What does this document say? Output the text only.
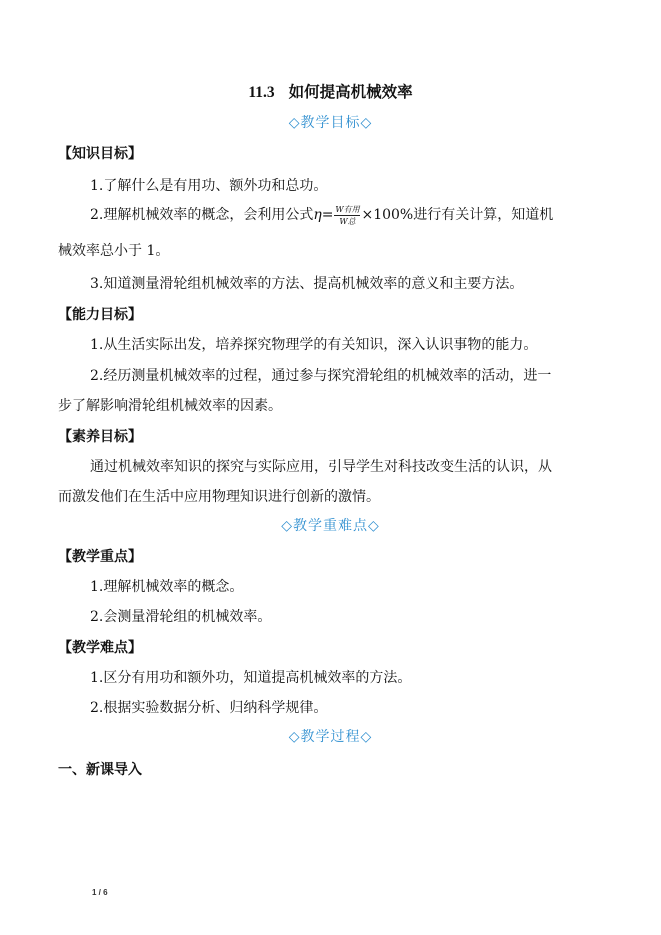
11.3 如何提高机械效率
◇教学目标◇
【知识目标】
1.了解什么是有用功、额外功和总功。
2.理解机械效率的概念，会利用公式$\eta= \frac{\text{W有用}}{\text{W总}} \times 100\%$进行有关计算，知道机
械效率总小于 1。
3.知道测量滑轮组机械效率的方法、提高机械效率的意义和主要方法。
【能力目标】
1.从生活实际出发，培养探究物理学的有关知识，深入认识事物的能力。
2.经历测量机械效率的过程，通过参与探究滑轮组的机械效率的活动，进一
步了解影响滑轮组机械效率的因素。
【素养目标】
通过机械效率知识的探究与实际应用，引导学生对科技改变生活的认识，从
而激发他们在生活中应用物理知识进行创新的激情。
◇教学重难点◇
【教学重点】
1.理解机械效率的概念。
2.会测量滑轮组的机械效率。
【教学难点】
1.区分有用功和额外功，知道提高机械效率的方法。
2.根据实验数据分析、归纳科学规律。
◇教学过程◇
一、新课导入
1 / 6
